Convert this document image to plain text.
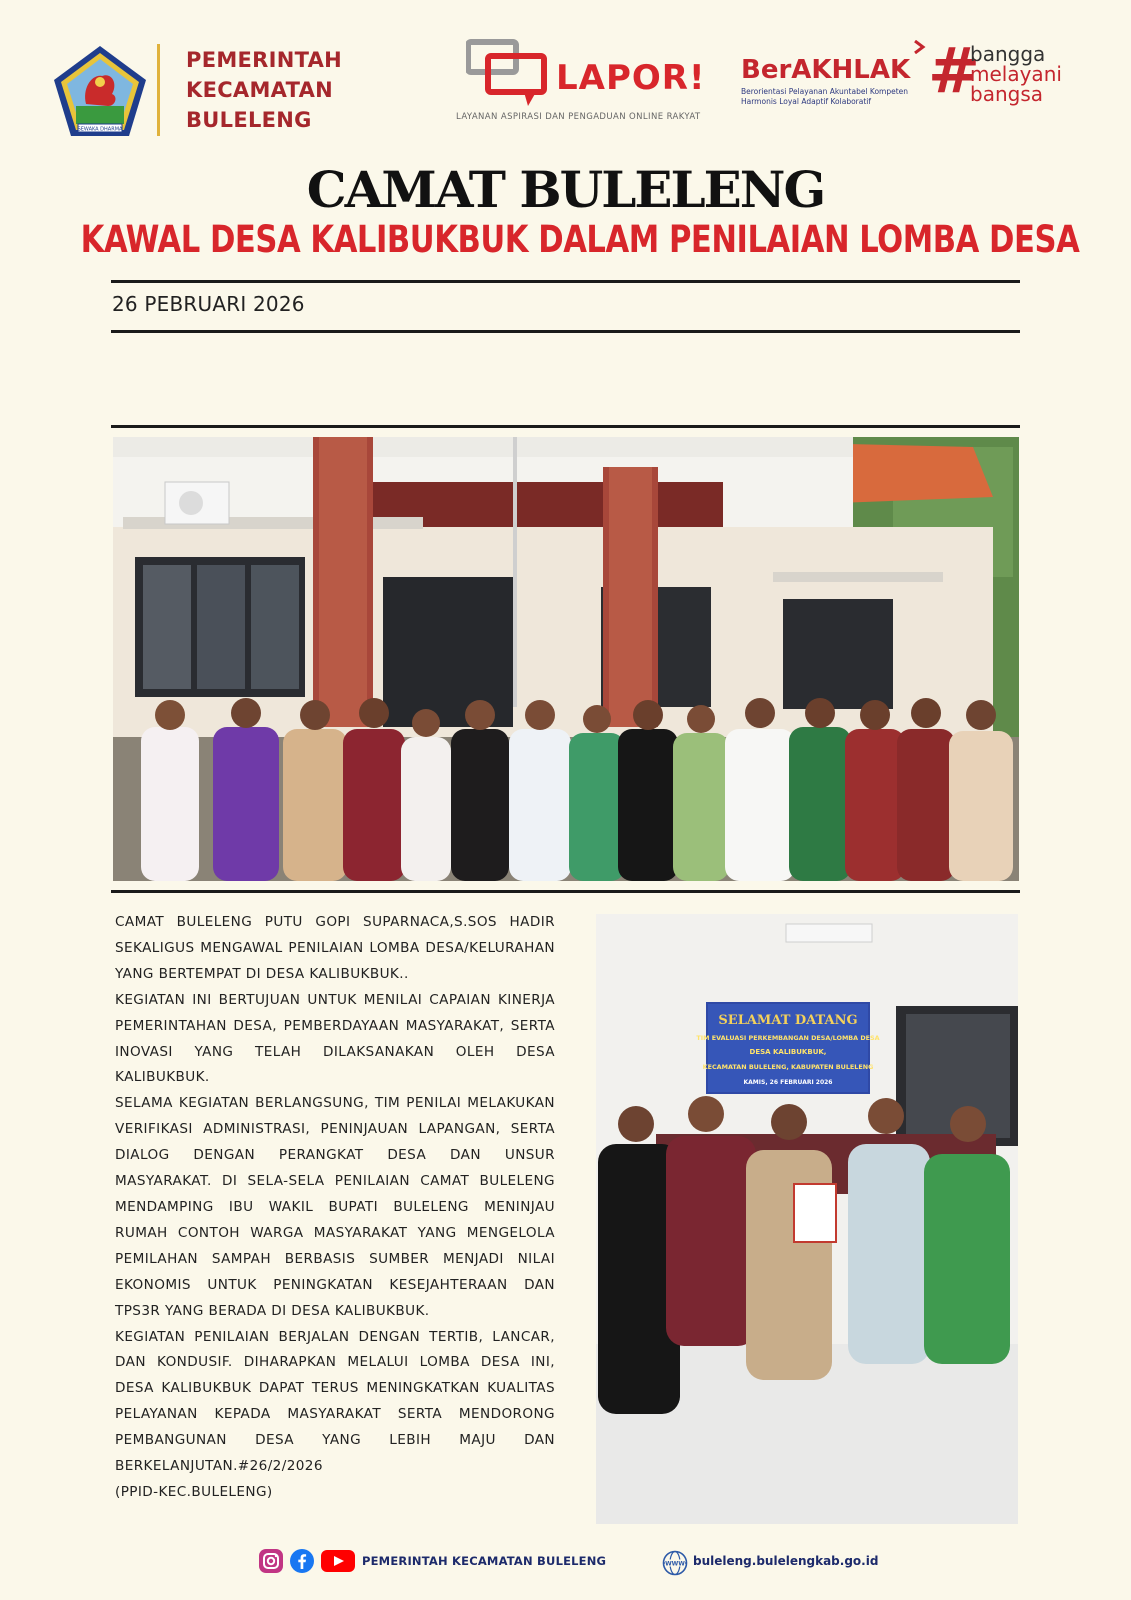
SEWAKA DHARMA
PEMERINTAH
KECAMATAN
BULELENG
LAPOR!
LAYANAN ASPIRASI DAN PENGADUAN ONLINE RAKYAT
BerAKHLAK
Berorientasi Pelayanan Akuntabel Kompeten
Harmonis Loyal Adaptif Kolaboratif #
bangga
melayani
bangsa
CAMAT BULELENG
KAWAL DESA KALIBUKBUK DALAM PENILAIAN LOMBA DESA
26 PEBRUARI 2026

CAMAT BULELENG PUTU GOPI SUPARNACA,S.SOS HADIR SEKALIGUS MENGAWAL PENILAIAN LOMBA DESA/KELURAHAN YANG BERTEMPAT DI DESA KALIBUKBUK..

KEGIATAN INI BERTUJUAN UNTUK MENILAI CAPAIAN KINERJA PEMERINTAHAN DESA, PEMBERDAYAAN MASYARAKAT, SERTA INOVASI YANG TELAH DILAKSANAKAN OLEH DESA KALIBUKBUK.

SELAMA KEGIATAN BERLANGSUNG, TIM PENILAI MELAKUKAN VERIFIKASI ADMINISTRASI, PENINJAUAN LAPANGAN, SERTA DIALOG DENGAN PERANGKAT DESA DAN UNSUR MASYARAKAT. DI SELA-SELA PENILAIAN CAMAT BULELENG MENDAMPING IBU WAKIL BUPATI BULELENG MENINJAU RUMAH CONTOH WARGA MASYARAKAT YANG MENGELOLA PEMILAHAN SAMPAH BERBASIS SUMBER MENJADI NILAI EKONOMIS UNTUK PENINGKATAN KESEJAHTERAAN DAN TPS3R YANG BERADA DI DESA KALIBUKBUK.

KEGIATAN PENILAIAN BERJALAN DENGAN TERTIB, LANCAR, DAN KONDUSIF. DIHARAPKAN MELALUI LOMBA DESA INI, DESA KALIBUKBUK DAPAT TERUS MENINGKATKAN KUALITAS PELAYANAN KEPADA MASYARAKAT SERTA MENDORONG PEMBANGUNAN DESA YANG LEBIH MAJU DAN BERKELANJUTAN.#26/2/2026

(PPID-KEC.BULELENG)

SELAMAT DATANG
TIM EVALUASI PERKEMBANGAN DESA/LOMBA DESA
DESA KALIBUKBUK,
KECAMATAN BULELENG, KABUPATEN BULELENG
KAMIS, 26 FEBRUARI 2026
PEMERINTAH KECAMATAN BULELENG	WWW buleleng.bulelengkab.go.id
